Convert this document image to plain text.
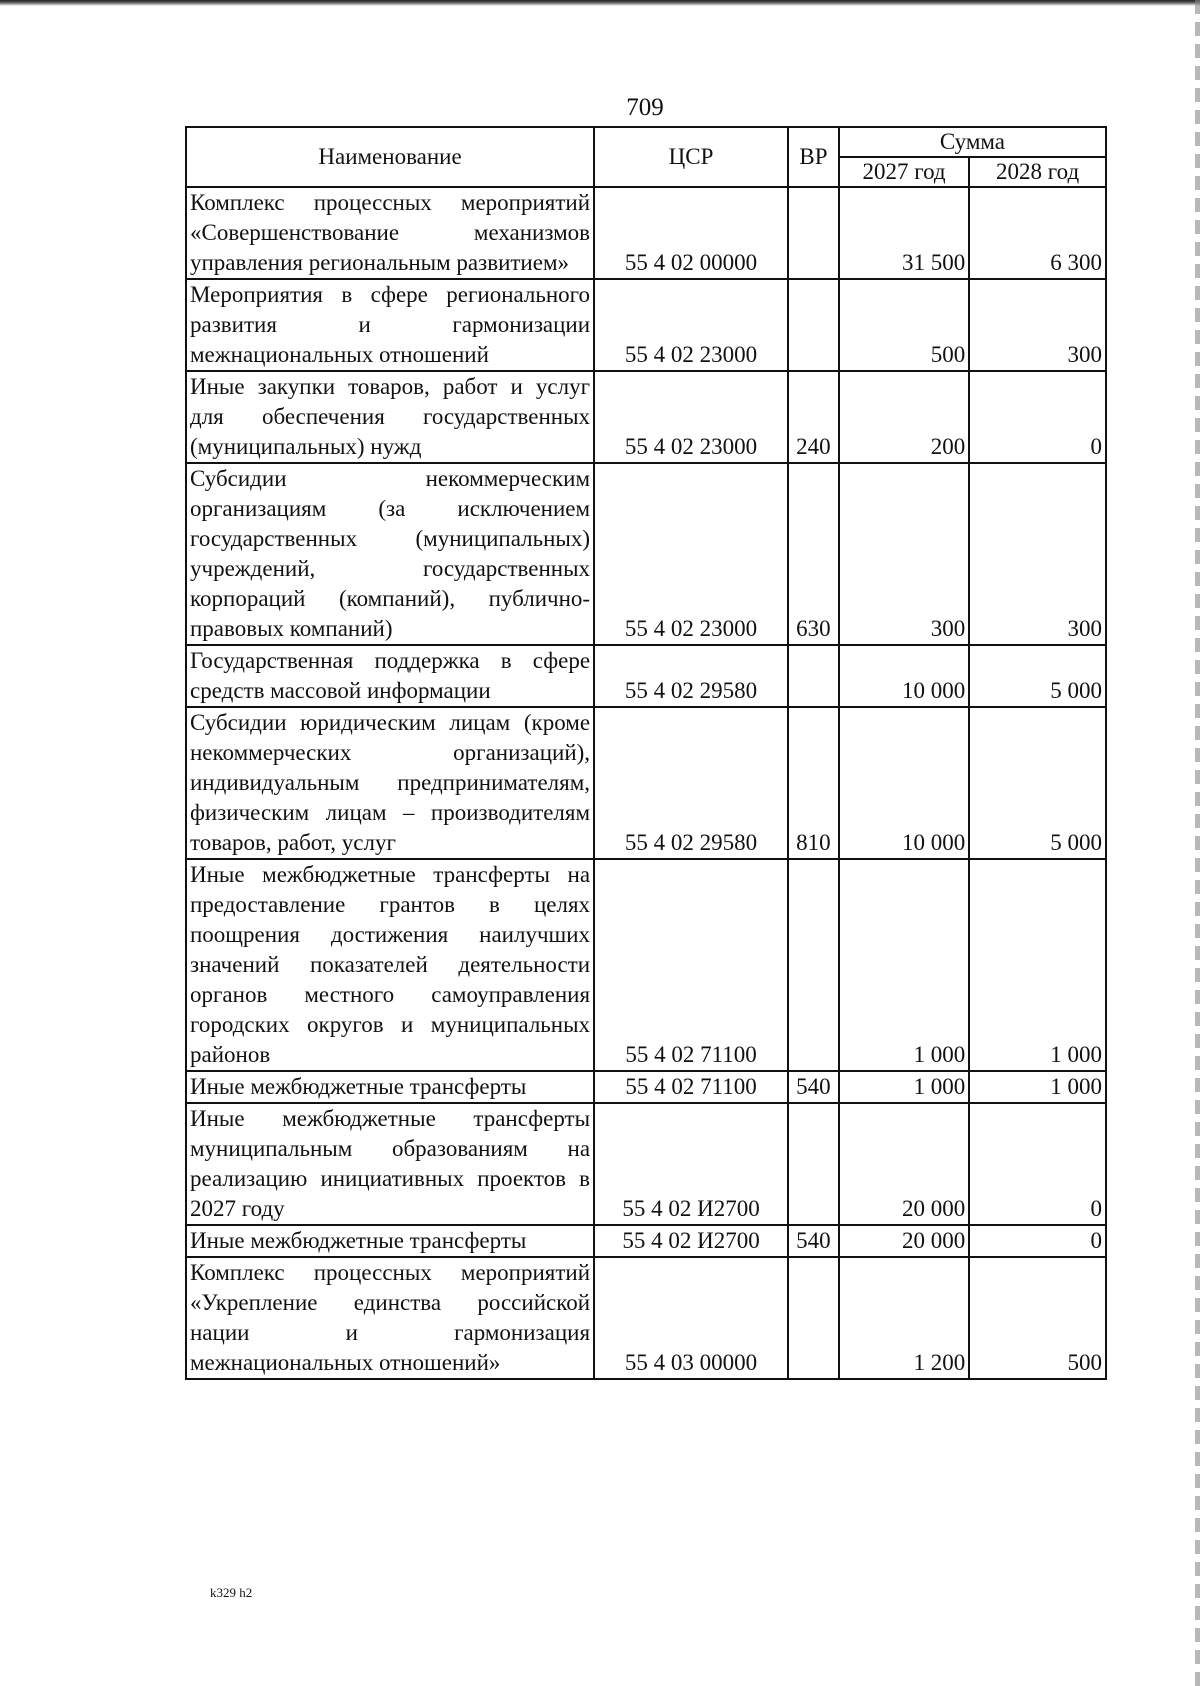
709
Наименование	ЦСР	ВР	Сумма	
			2027 год	2028 год
Комплекс процессных мероприятий «Совершенствование механизмов управления региональным развитием»	55 4 02 00000		31 500	6 300
Мероприятия в сфере регионального развития и гармонизации межнациональных отношений	55 4 02 23000		500	300
Иные закупки товаров, работ и услуг для обеспечения государственных (муниципальных) нужд	55 4 02 23000	240	200	0
Субсидии некоммерческим организациям (за исключением государственных (муниципальных) учреждений, государственных корпораций (компаний), публично-правовых компаний)	55 4 02 23000	630	300	300
Государственная поддержка в сфере средств массовой информации	55 4 02 29580		10 000	5 000
Субсидии юридическим лицам (кроме некоммерческих организаций), индивидуальным предпринимателям, физическим лицам – производителям товаров, работ, услуг	55 4 02 29580	810	10 000	5 000
Иные межбюджетные трансферты на предоставление грантов в целях поощрения достижения наилучших значений показателей деятельности органов местного самоуправления городских округов и муниципальных районов	55 4 02 71100		1 000	1 000
Иные межбюджетные трансферты	55 4 02 71100	540	1 000	1 000
Иные межбюджетные трансферты муниципальным образованиям на реализацию инициативных проектов в 2027 году	55 4 02 И2700		20 000	0
Иные межбюджетные трансферты	55 4 02 И2700	540	20 000	0
Комплекс процессных мероприятий «Укрепление единства российской нации и гармонизация межнациональных отношений»	55 4 03 00000		1 200	500
k329 h2
